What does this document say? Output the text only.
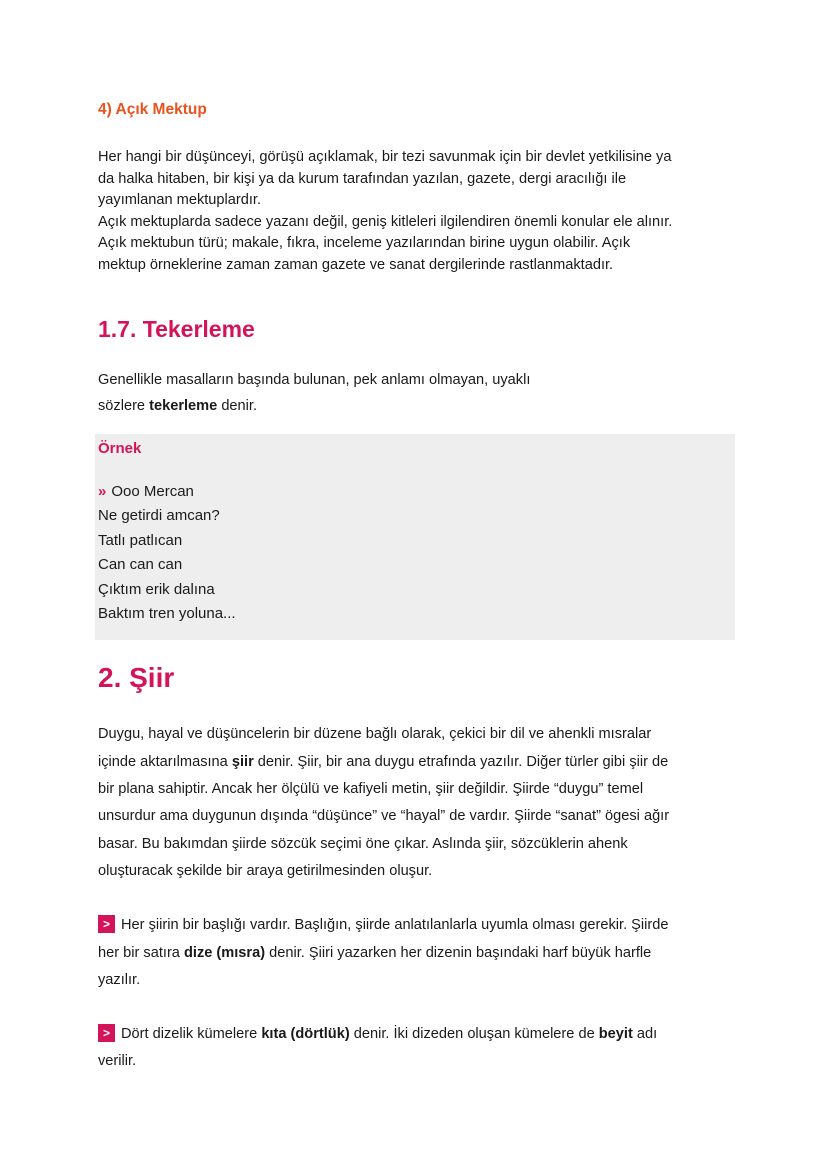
4) Açık Mektup

Her hangi bir düşünceyi, görüşü açıklamak, bir tezi savunmak için bir devlet yetkilisine ya
da halka hitaben, bir kişi ya da kurum tarafından yazılan, gazete, dergi aracılığı ile
yayımlanan mektuplardır.
Açık mektuplarda sadece yazanı değil, geniş kitleleri ilgilendiren önemli konular ele alınır.
Açık mektubun türü; makale, fıkra, inceleme yazılarından birine uygun olabilir. Açık
mektup örneklerine zaman zaman gazete ve sanat dergilerinde rastlanmaktadır.

1.7. Tekerleme

Genellikle masalların başında bulunan, pek anlamı olmayan, uyaklı
sözlere tekerleme denir.

Örnek

» Ooo Mercan
Ne getirdi amcan?
Tatlı patlıcan
Can can can
Çıktım erik dalına
Baktım tren yoluna...

2. Şiir

Duygu, hayal ve düşüncelerin bir düzene bağlı olarak, çekici bir dil ve ahenkli mısralar
içinde aktarılmasına şiir denir. Şiir, bir ana duygu etrafında yazılır. Diğer türler gibi şiir de
bir plana sahiptir. Ancak her ölçülü ve kafiyeli metin, şiir değildir. Şiirde “duygu” temel
unsurdur ama duygunun dışında “düşünce” ve “hayal” de vardır. Şiirde “sanat” ögesi ağır
basar. Bu bakımdan şiirde sözcük seçimi öne çıkar. Aslında şiir, sözcüklerin ahenk
oluşturacak şekilde bir araya getirilmesinden oluşur.

> Her şiirin bir başlığı vardır. Başlığın, şiirde anlatılanlarla uyumla olması gerekir. Şiirde
her bir satıra dize (mısra) denir. Şiiri yazarken her dizenin başındaki harf büyük harfle
yazılır.

> Dört dizelik kümelere kıta (dörtlük) denir. İki dizeden oluşan kümelere de beyit adı
verilir.
